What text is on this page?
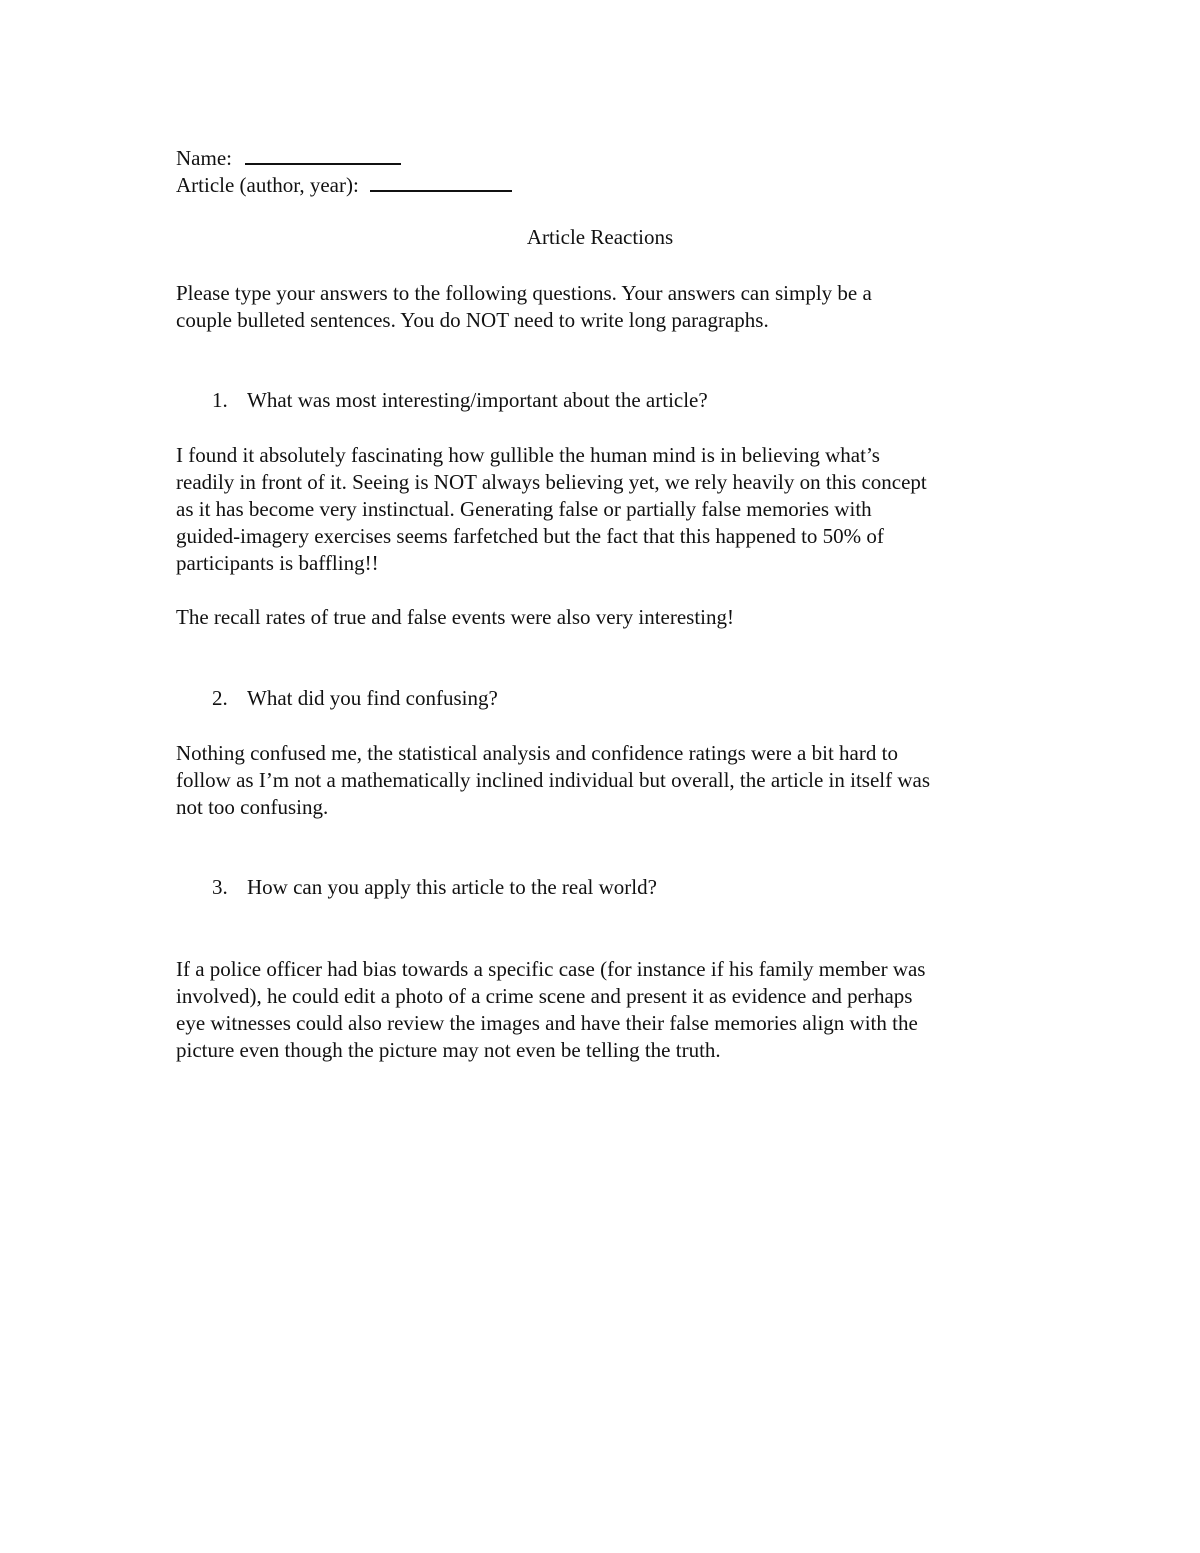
Name:
Article (author, year):
Article Reactions
Please type your answers to the following questions. Your answers can simply be a
couple bulleted sentences. You do NOT need to write long paragraphs.
1. What was most interesting/important about the article?
I found it absolutely fascinating how gullible the human mind is in believing what’s
readily in front of it. Seeing is NOT always believing yet, we rely heavily on this concept
as it has become very instinctual. Generating false or partially false memories with
guided-imagery exercises seems farfetched but the fact that this happened to 50% of
participants is baffling!!
The recall rates of true and false events were also very interesting!
2. What did you find confusing?
Nothing confused me, the statistical analysis and confidence ratings were a bit hard to
follow as I’m not a mathematically inclined individual but overall, the article in itself was
not too confusing.
3. How can you apply this article to the real world?
If a police officer had bias towards a specific case (for instance if his family member was
involved), he could edit a photo of a crime scene and present it as evidence and perhaps
eye witnesses could also review the images and have their false memories align with the
picture even though the picture may not even be telling the truth.
